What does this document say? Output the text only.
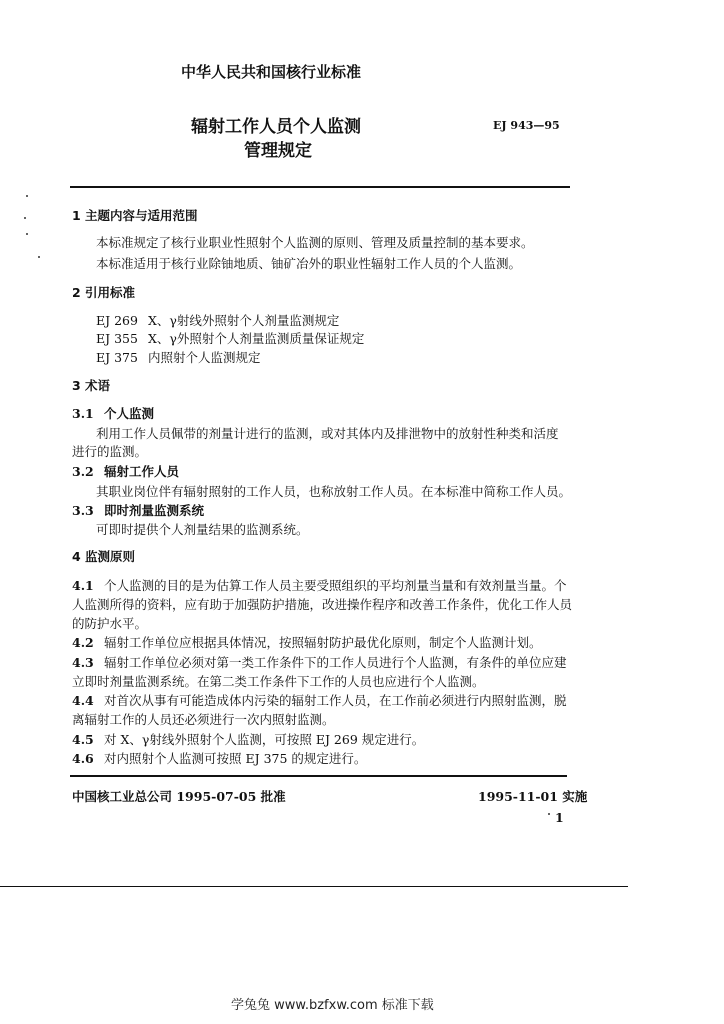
中华人民共和国核行业标准
辐射工作人员个人监测
管理规定
EJ 943—95
1 主题内容与适用范围
本标准规定了核行业职业性照射个人监测的原则、管理及质量控制的基本要求。
本标准适用于核行业除铀地质、铀矿冶外的职业性辐射工作人员的个人监测。
2 引用标准
EJ 269 X、γ射线外照射个人剂量监测规定
EJ 355 X、γ外照射个人剂量监测质量保证规定
EJ 375 内照射个人监测规定
3 术语
3.1 个人监测
利用工作人员佩带的剂量计进行的监测，或对其体内及排泄物中的放射性种类和活度
进行的监测。
3.2 辐射工作人员
其职业岗位伴有辐射照射的工作人员，也称放射工作人员。在本标准中简称工作人员。
3.3 即时剂量监测系统
可即时提供个人剂量结果的监测系统。
4 监测原则
4.1 个人监测的目的是为估算工作人员主要受照组织的平均剂量当量和有效剂量当量。个
人监测所得的资料，应有助于加强防护措施，改进操作程序和改善工作条件，优化工作人员
的防护水平。
4.2 辐射工作单位应根据具体情况，按照辐射防护最优化原则，制定个人监测计划。
4.3 辐射工作单位必须对第一类工作条件下的工作人员进行个人监测，有条件的单位应建
立即时剂量监测系统。在第二类工作条件下工作的人员也应进行个人监测。
4.4 对首次从事有可能造成体内污染的辐射工作人员，在工作前必须进行内照射监测，脱
离辐射工作的人员还必须进行一次内照射监测。
4.5 对 X、γ射线外照射个人监测，可按照 EJ 269 规定进行。
4.6 对内照射个人监测可按照 EJ 375 的规定进行。
中国核工业总公司 1995-07-05 批准	1995-11-01 实施
1
学兔兔 www.bzfxw.com 标准下载
